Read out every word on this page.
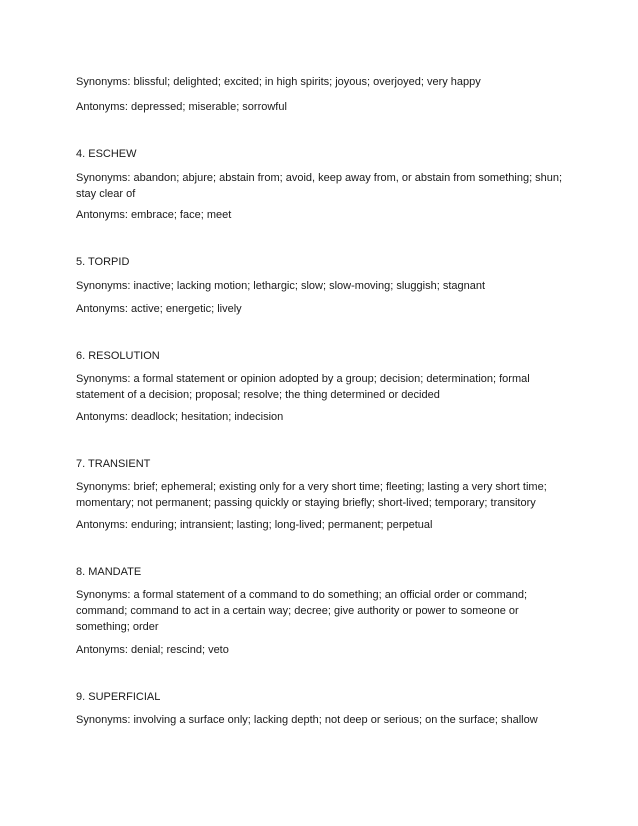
Synonyms: blissful; delighted; excited; in high spirits; joyous; overjoyed; very happy

Antonyms: depressed; miserable; sorrowful

4. ESCHEW

Synonyms: abandon; abjure; abstain from; avoid, keep away from, or abstain from something; shun; stay clear of

Antonyms: embrace; face; meet

5. TORPID

Synonyms: inactive; lacking motion; lethargic; slow; slow-moving; sluggish; stagnant

Antonyms: active; energetic; lively

6. RESOLUTION

Synonyms: a formal statement or opinion adopted by a group; decision; determination; formal statement of a decision; proposal; resolve; the thing determined or decided

Antonyms: deadlock; hesitation; indecision

7. TRANSIENT

Synonyms: brief; ephemeral; existing only for a very short time; fleeting; lasting a very short time; momentary; not permanent; passing quickly or staying briefly; short-lived; temporary; transitory

Antonyms: enduring; intransient; lasting; long-lived; permanent; perpetual

8. MANDATE

Synonyms: a formal statement of a command to do something; an official order or command; command; command to act in a certain way; decree; give authority or power to someone or something; order

Antonyms: denial; rescind; veto

9. SUPERFICIAL

Synonyms: involving a surface only; lacking depth; not deep or serious; on the surface; shallow
